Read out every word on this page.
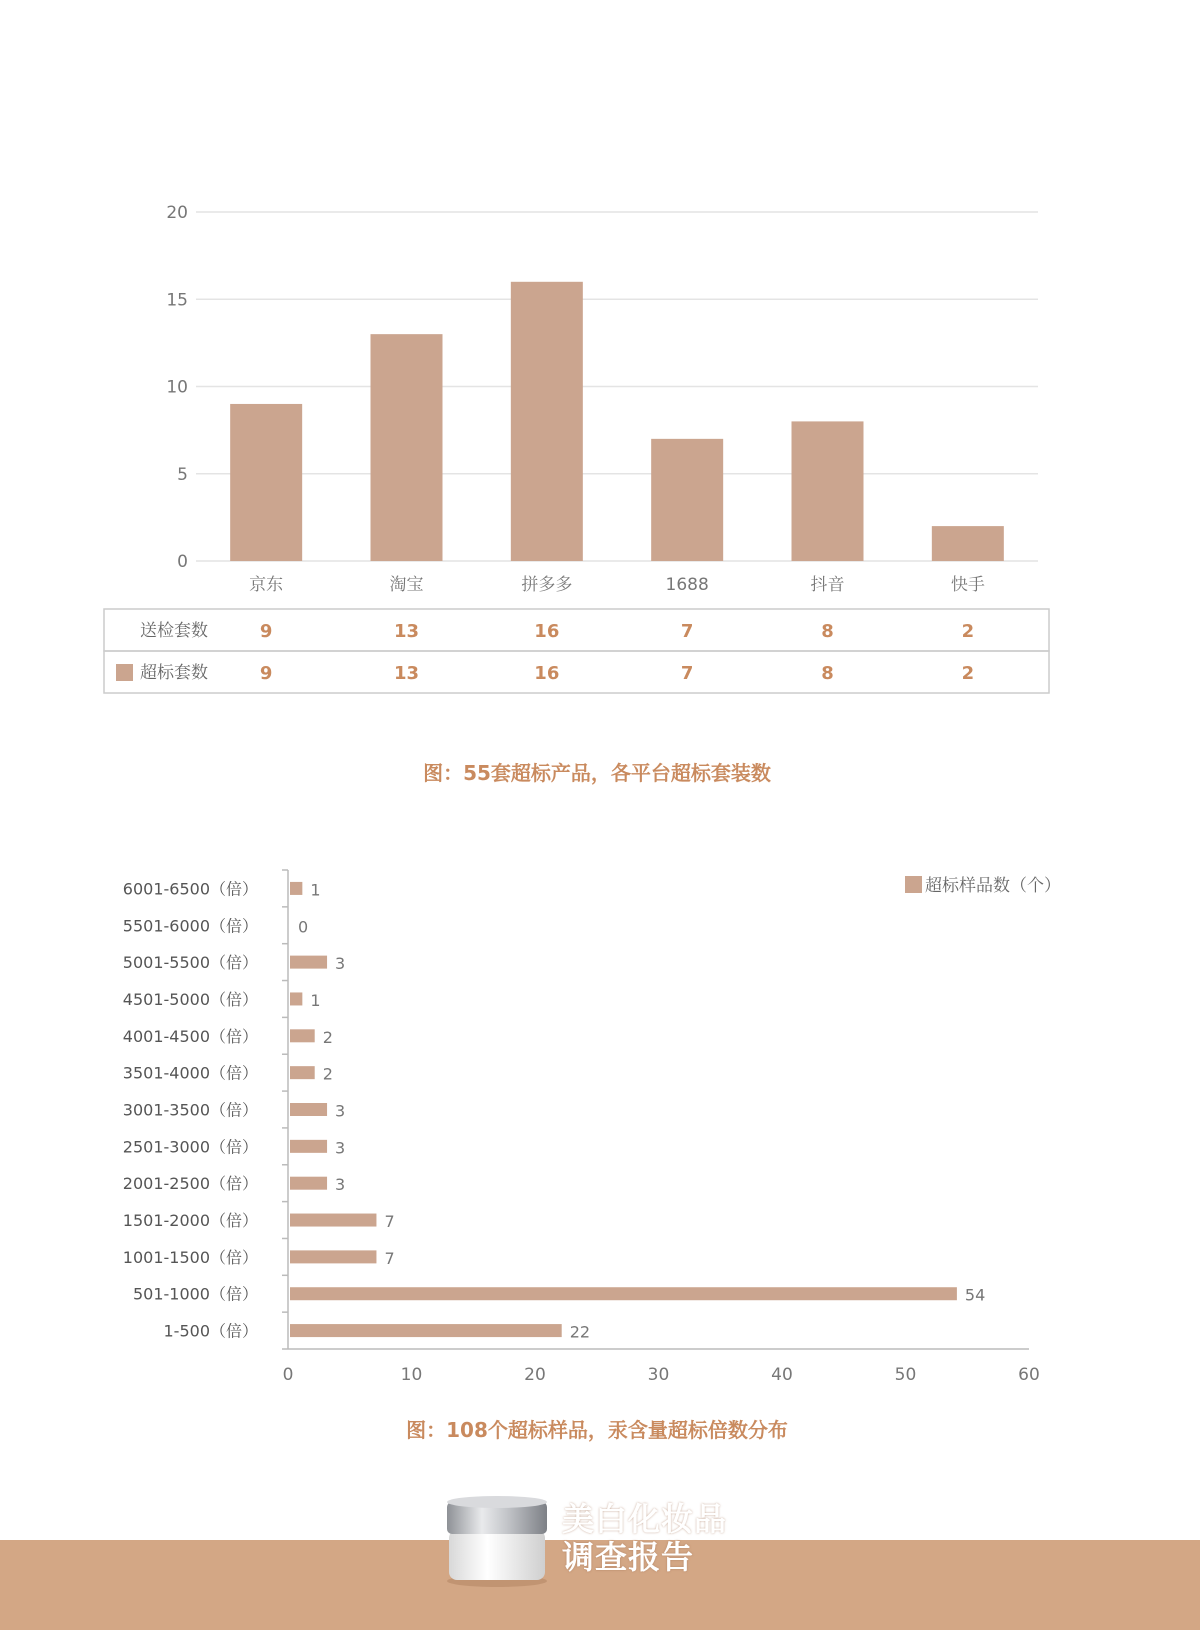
0
5
10
15
20
京东	淘宝	拼多多	1688	抖音	快手
送检套数	9	13	16	7	8	2
超标套数	9	13	16	7	8	2
图：55套超标产品，各平台超标套装数
1
6001-6500（倍）
0
5501-6000（倍）
3
5001-5500（倍）
1
4501-5000（倍）
2
4001-4500（倍）
2
3501-4000（倍）
3
3001-3500（倍）
3
2501-3000（倍）
3
2001-2500（倍）
7
1501-2000（倍）
7
1001-1500（倍）
54
501-1000（倍）
22
1-500（倍）
0	10	20	30	40	50	60
超标样品数（个）
图：108个超标样品，汞含量超标倍数分布
美白化妆品
调查报告
